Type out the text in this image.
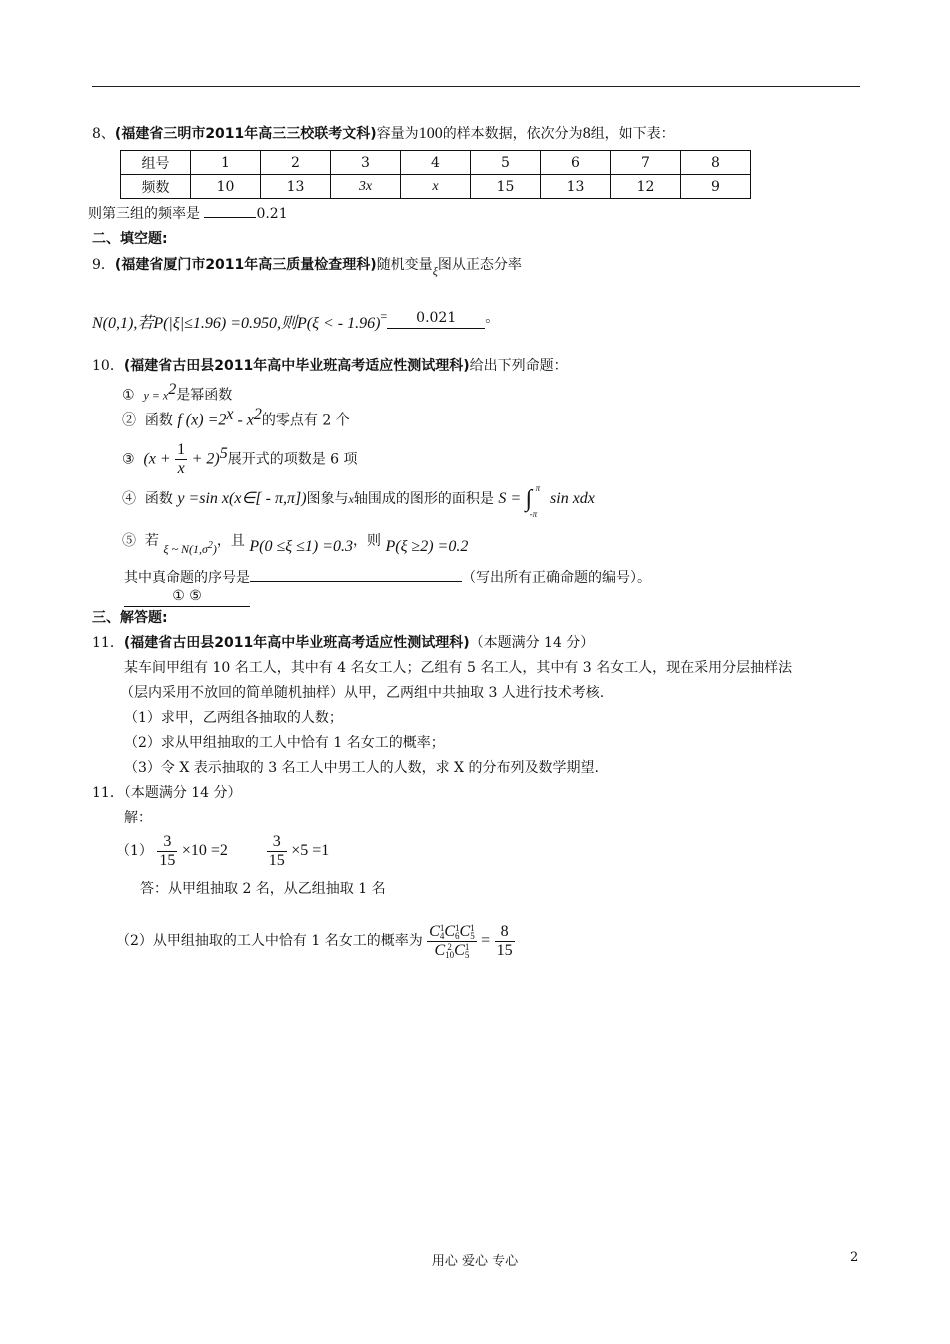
8、(福建省三明市2011年高三三校联考文科)容量为100的样本数据，依次分为8组，如下表：
组号	1	2	3	4	5	6	7	8
频数	10	13	3x	x	15	13	12	9
则第三组的频率是	0.21
二、填空题:
9．(福建省厦门市2011年高三质量检查理科)随机变量ξ图从正态分率
N(0,1),若P(|ξ|≤1.96) =0.950,则P(ξ < - 1.96)= 0.021 。
10．(福建省古田县2011年高中毕业班高考适应性测试理科)给出下列命题：
① $y = x^2$是幂函数
② 函数 f $(x) =2^x - x^2$的零点有 2 个
③ $(x + \frac{1}{x} + 2)^5$展开式的项数是 6 项
④ 函数 y =sin x(x∈[ - π,π])图象与x轴围成的图形的面积是 S = ∫ π
-π
sin xdx
⑤ 若 ξ ~ $N(1,\sigma^2)$，且 P(0 ≤ξ ≤1) =0.3，则 P(ξ ≥2) =0.2
其中真命题的序号是	（写出所有正确命题的编号）。
① ⑤
三、解答题:
11．(福建省古田县2011年高中毕业班高考适应性测试理科)（本题满分 14 分）
某车间甲组有 10 名工人，其中有 4 名女工人；乙组有 5 名工人，其中有 3 名女工人，现在采用分层抽样法
（层内采用不放回的简单随机抽样）从甲，乙两组中共抽取 3 人进行技术考核.
（1）求甲，乙两组各抽取的人数；
（2）求从甲组抽取的工人中恰有 1 名女工的概率；
（3）令 X 表示抽取的 3 名工人中男工人的人数，求 X 的分布列及数学期望.
11．（本题满分 14 分）
解：
$(1) \frac{3}{15} \times 10 =2 \frac{3}{15} \times 5 =1$
答：从甲组抽取 2 名，从乙组抽取 1 名
（2）从甲组抽取的工人中恰有 1 名女工的概率为 C 1
4 C 1
6 C 1
5
C 2
10 C 1
$5 = \frac{8}{15}$
用心 爱心 专心	2
